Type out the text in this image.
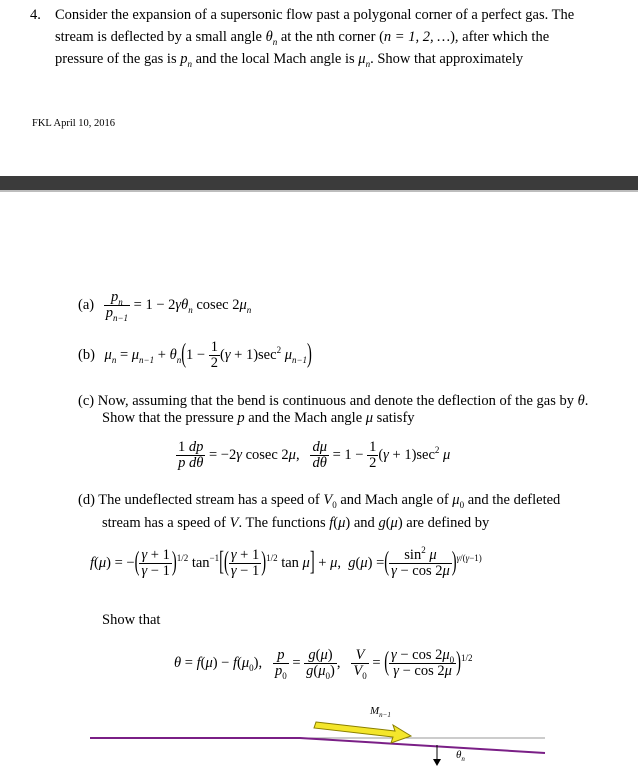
4. Consider the expansion of a supersonic flow past a polygonal corner of a perfect gas. The
stream is deflected by a small angle $\theta_n$ at the nth corner (n = 1, 2, …), after which the
pressure of the gas is $p_n$ and the local Mach angle is $\mu_n$. Show that approximately
FKL April 10, 2016
$(a) \frac{p_n}{p_{n-1}} = 1 - 2\gamma\theta_n$ cosec $2\mu_n$
(b) $\mu_n = \mu_{n-1} + \theta_n(1 - \frac{1}{2} (\gamma + 1)\sec^2$ $\mu_{n-1}$)
(c) Now, assuming that the bend is continuous and denote the deflection of the gas by θ.
Show that the pressure p and the Mach angle μ satisfy
$\frac{1 dp}{\text{p dθ}} = -2\gamma$ cosec 2μ, $\frac{d\mu}{d\theta} = 1 - \frac{1}{2} (\gamma + 1)\sec^2$ μ
(d) The undeflected stream has a speed of $V_0$ and Mach angle of $\mu_0$ and the defleted
stream has a speed of V. The functions f(μ) and g(μ) are defined by
f(μ) = −( $\frac{\gamma + 1}{\gamma - 1} )^{1/2}$ $\tan^{-1}[( \frac{\gamma + 1}{\gamma - 1} )^{1/2}$ tan μ] + μ,  g(μ) =( $\frac{\sin^2 \mu}{\gamma - \cos 2\mu} )^{\gamma/(\gamma-1)}$
Show that
$\theta = f(\mu) - f(\mu_0)$, $\frac{p}{p_0} = \frac{g(\mu)}{g(\mu_0)}$ , $\frac{V}{V_0}$ = ( $\frac{\gamma - \cos 2\mu_0}{\gamma - \cos 2\mu} )^{1/2}$
$M_{n-1}$
$\theta_n$
